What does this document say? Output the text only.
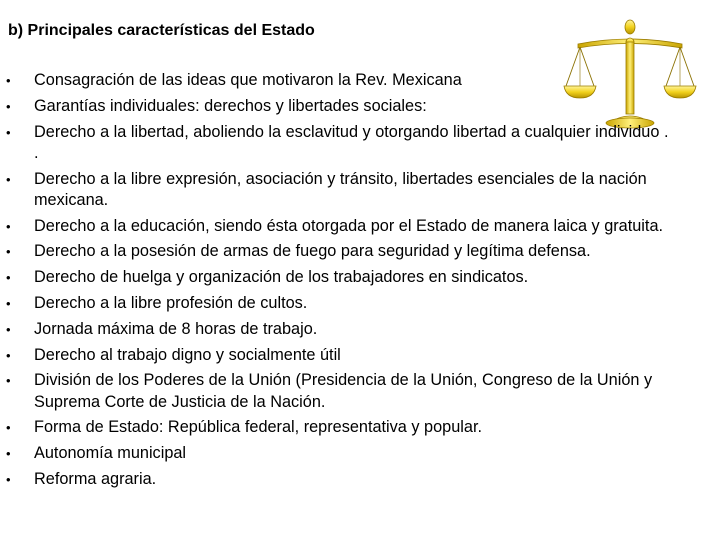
b) Principales características del Estado
• Consagración de las ideas que motivaron la Rev. Mexicana
• Garantías individuales: derechos y libertades sociales:
• Derecho a la libertad, aboliendo la esclavitud y otorgando libertad a cualquier individuo . .
• Derecho a la libre expresión, asociación y tránsito, libertades esenciales de la nación mexicana.
• Derecho a la educación, siendo ésta otorgada por el Estado de manera laica y gratuita.
• Derecho a la posesión de armas de fuego para seguridad y legítima defensa.
• Derecho de huelga y organización de los trabajadores en sindicatos.
• Derecho a la libre profesión de cultos.
• Jornada máxima de 8 horas de trabajo.
• Derecho al trabajo digno y socialmente útil
• División de los Poderes de la Unión (Presidencia de la Unión, Congreso de la Unión y Suprema Corte de Justicia de la Nación.
• Forma de Estado: República federal, representativa y popular.
• Autonomía municipal
• Reforma agraria.
